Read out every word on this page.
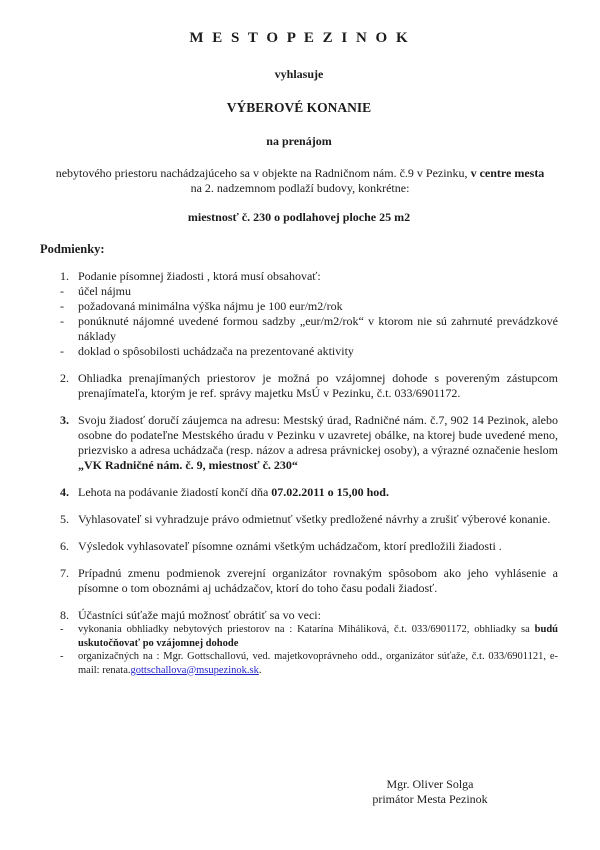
M E S T O P E Z I N O K
vyhlasuje
VÝBEROVÉ KONANIE
na prenájom
nebytového priestoru nachádzajúceho sa v objekte na Radničnom nám. č.9 v Pezinku, v centre mesta
na 2. nadzemnom podlaží budovy, konkrétne:
miestnosť č. 230 o podlahovej ploche 25 m2
Podmienky:
1. Podanie písomnej žiadosti , ktorá musí obsahovať:
- účel nájmu
- požadovaná minimálna výška nájmu je 100 eur/m2/rok
- ponúknuté nájomné uvedené formou sadzby „eur/m2/rok“ v ktorom nie sú zahrnuté prevádzkové náklady
- doklad o spôsobilosti uchádzača na prezentované aktivity
2. Ohliadka prenajímaných priestorov je možná po vzájomnej dohode s povereným zástupcom prenajímateľa, ktorým je ref. správy majetku MsÚ v Pezinku, č.t. 033/6901172.
3. Svoju žiadosť doručí záujemca na adresu: Mestský úrad, Radničné nám. č.7, 902 14 Pezinok, alebo osobne do podateľne Mestského úradu v Pezinku v uzavretej obálke, na ktorej bude uvedené meno, priezvisko a adresa uchádzača (resp. názov a adresa právnickej osoby), a výrazné označenie heslom „VK Radničné nám. č. 9, miestnosť č. 230“
4. Lehota na podávanie žiadostí končí dňa 07.02.2011 o 15,00 hod.
5. Vyhlasovateľ si vyhradzuje právo odmietnuť všetky predložené návrhy a zrušiť výberové konanie.
6. Výsledok vyhlasovateľ písomne oznámi všetkým uchádzačom, ktorí predložili žiadosti .
7. Prípadnú zmenu podmienok zverejní organizátor rovnakým spôsobom ako jeho vyhlásenie a písomne o tom oboznámi aj uchádzačov, ktorí do toho času podali žiadosť.
8. Účastníci súťaže majú možnosť obrátiť sa vo veci:
- vykonania obhliadky nebytových priestorov na : Katarína Miháliková, č.t. 033/6901172, obhliadky sa budú uskutočňovať po vzájomnej dohode
- organizačných na : Mgr. Gottschallovú, ved. majetkovoprávneho odd., organizátor súťaže, č.t. 033/6901121, e-mail: renata.gottschallova@msupezinok.sk.
Mgr. Oliver Solga
primátor Mesta Pezinok
